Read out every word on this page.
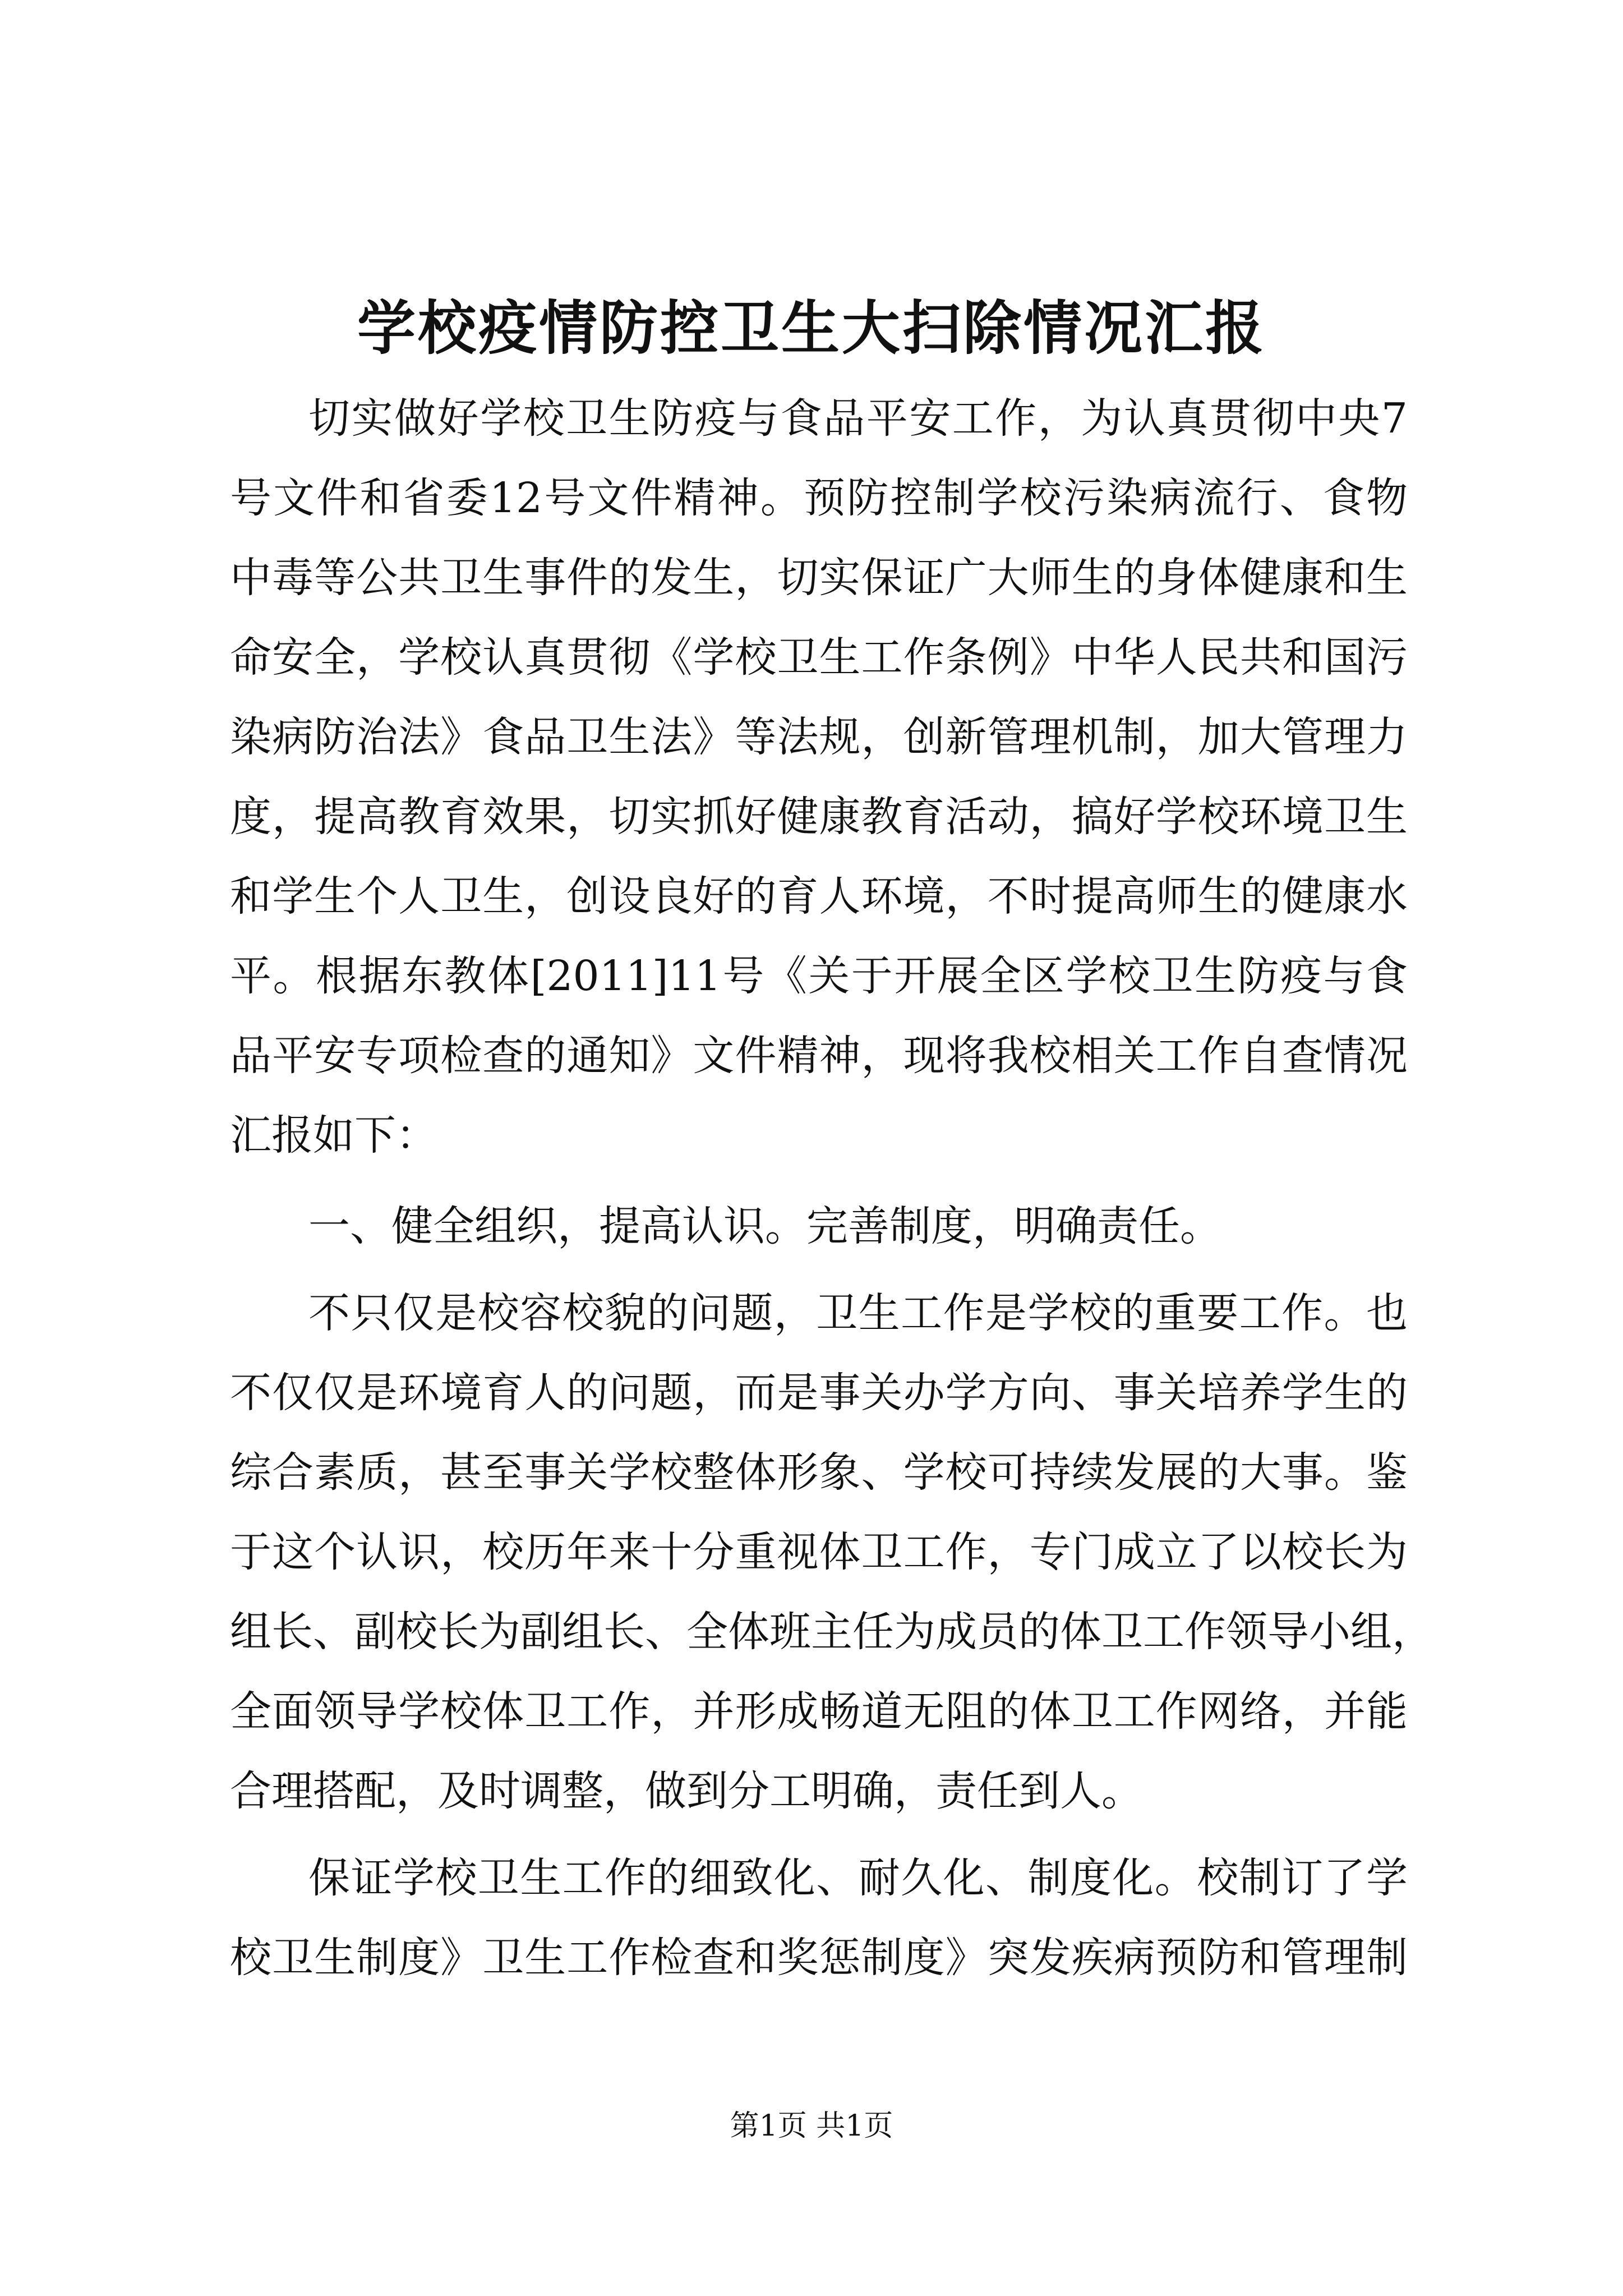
学校疫情防控卫生大扫除情况汇报
切实做好学校卫生防疫与食品平安工作，为认真贯彻中央7
号文件和省委12号文件精神。预防控制学校污染病流行、食物
中毒等公共卫生事件的发生，切实保证广大师生的身体健康和生
命安全，学校认真贯彻《学校卫生工作条例》中华人民共和国污
染病防治法》食品卫生法》等法规，创新管理机制，加大管理力
度，提高教育效果，切实抓好健康教育活动，搞好学校环境卫生
和学生个人卫生，创设良好的育人环境，不时提高师生的健康水
平。根据东教体[2011]11号《关于开展全区学校卫生防疫与食
品平安专项检查的通知》文件精神，现将我校相关工作自查情况
汇报如下：
一、健全组织，提高认识。完善制度，明确责任。
不只仅是校容校貌的问题，卫生工作是学校的重要工作。也
不仅仅是环境育人的问题，而是事关办学方向、事关培养学生的
综合素质，甚至事关学校整体形象、学校可持续发展的大事。鉴
于这个认识，校历年来十分重视体卫工作，专门成立了以校长为
组长、副校长为副组长、全体班主任为成员的体卫工作领导小组，
全面领导学校体卫工作，并形成畅道无阻的体卫工作网络，并能
合理搭配，及时调整，做到分工明确，责任到人。
保证学校卫生工作的细致化、耐久化、制度化。校制订了学
校卫生制度》卫生工作检查和奖惩制度》突发疾病预防和管理制
第1页 共1页
